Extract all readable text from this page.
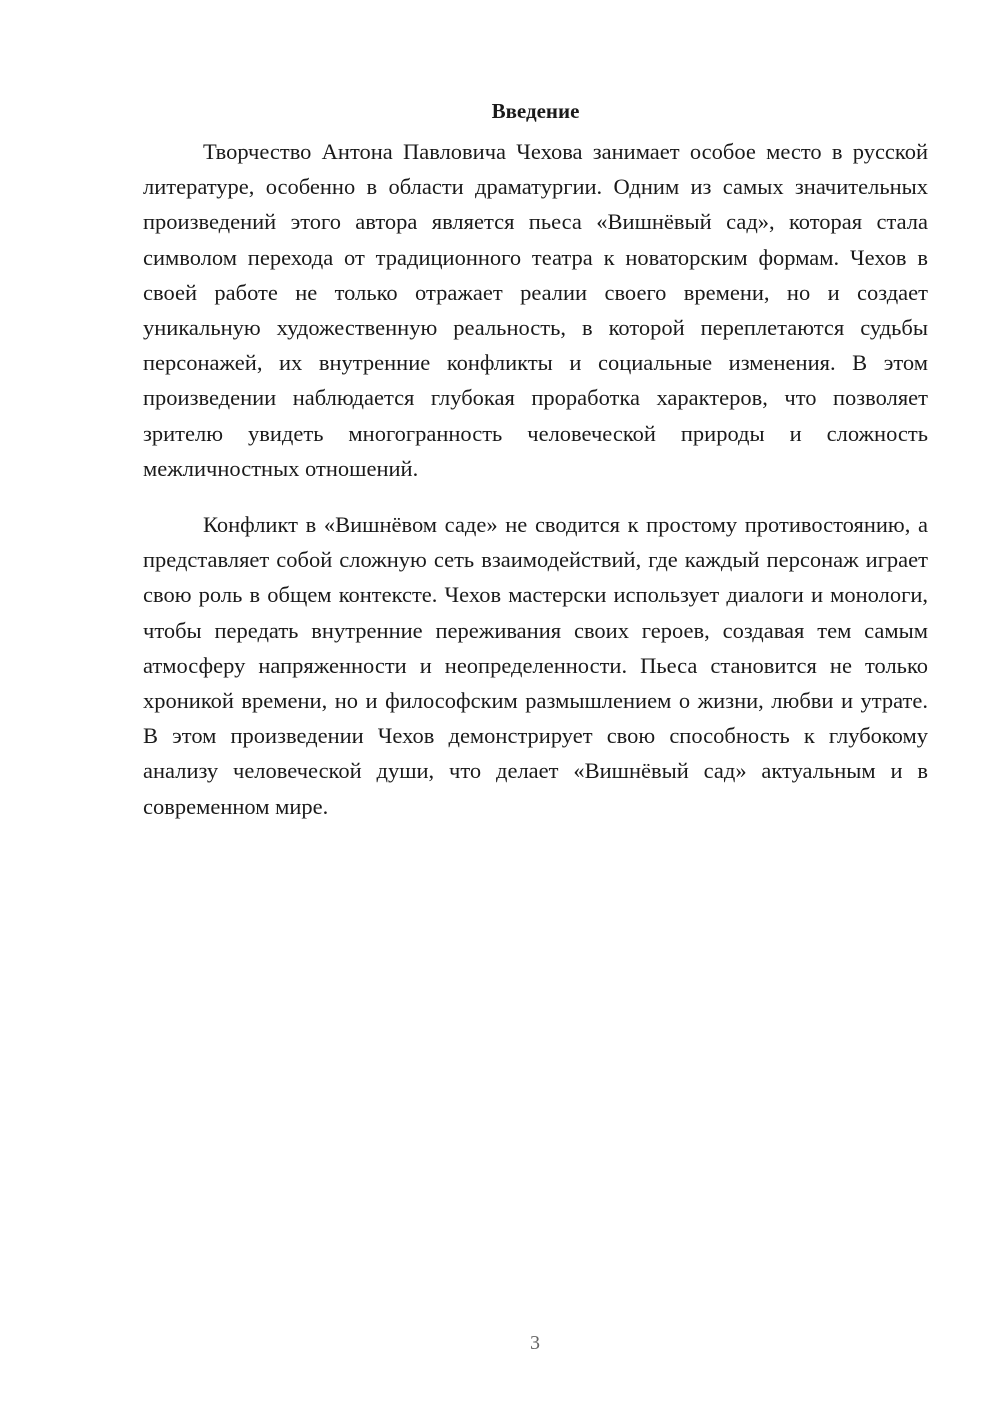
Введение

Творчество Антона Павловича Чехова занимает особое место в русской литературе, особенно в области драматургии. Одним из самых значительных произведений этого автора является пьеса «Вишнёвый сад», которая стала символом перехода от традиционного театра к новаторским формам. Чехов в своей работе не только отражает реалии своего времени, но и создает уникальную художественную реальность, в которой переплетаются судьбы персонажей, их внутренние конфликты и социальные изменения. В этом произведении наблюдается глубокая проработка характеров, что позволяет зрителю увидеть многогранность человеческой природы и сложность межличностных отношений.

Конфликт в «Вишнёвом саде» не сводится к простому противостоянию, а представляет собой сложную сеть взаимодействий, где каждый персонаж играет свою роль в общем контексте. Чехов мастерски использует диалоги и монологи, чтобы передать внутренние переживания своих героев, создавая тем самым атмосферу напряженности и неопределенности. Пьеса становится не только хроникой времени, но и философским размышлением о жизни, любви и утрате. В этом произведении Чехов демонстрирует свою способность к глубокому анализу человеческой души, что делает «Вишнёвый сад» актуальным и в современном мире.

3
